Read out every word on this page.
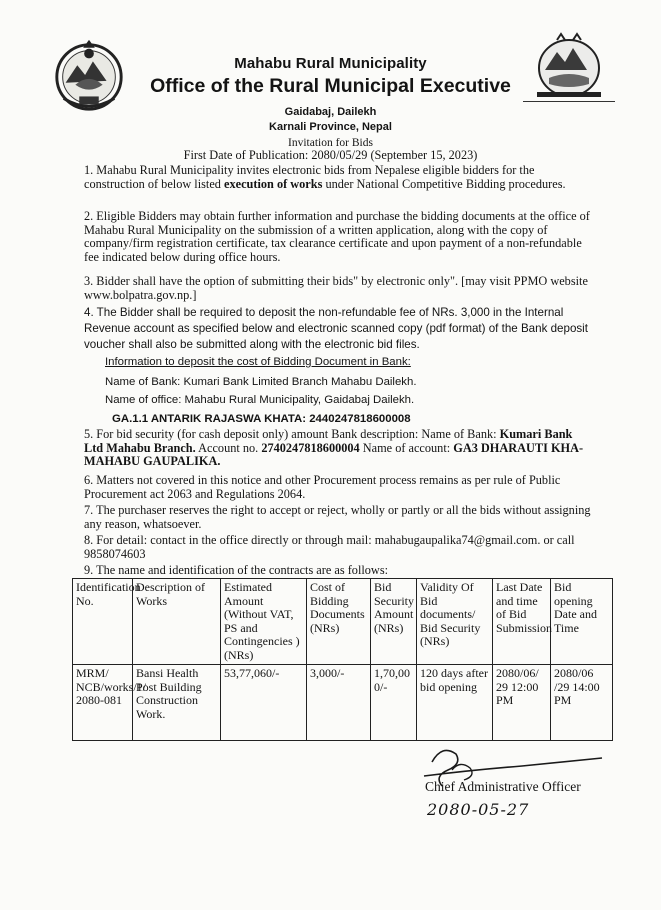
Mahabu Rural Municipality
Office of the Rural Municipal Executive
Gaidabaj, Dailekh
Karnali Province, Nepal
Invitation for Bids
First Date of Publication: 2080/05/29 (September 15, 2023)
1. Mahabu Rural Municipality invites electronic bids from Nepalese eligible bidders for the construction of below listed execution of works under National Competitive Bidding procedures.
2. Eligible Bidders may obtain further information and purchase the bidding documents at the office of Mahabu Rural Municipality on the submission of a written application, along with the copy of company/firm registration certificate, tax clearance certificate and upon payment of a non-refundable fee indicated below during office hours.
3. Bidder shall have the option of submitting their bids" by electronic only". [may visit PPMO website www.bolpatra.gov.np.]
4. The Bidder shall be required to deposit the non-refundable fee of NRs. 3,000 in the Internal Revenue account as specified below and electronic scanned copy (pdf format) of the Bank deposit voucher shall also be submitted along with the electronic bid files.
Information to deposit the cost of Bidding Document in Bank:
Name of Bank: Kumari Bank Limited Branch Mahabu Dailekh.
Name of office: Mahabu Rural Municipality, Gaidabaj Dailekh.
GA.1.1 ANTARIK RAJASWA KHATA: 2440247818600008
5. For bid security (for cash deposit only) amount Bank description: Name of Bank: Kumari Bank Ltd Mahabu Branch. Account no. 2740247818600004 Name of account: GA3 DHARAUTI KHA-MAHABU GAUPALIKA.
6. Matters not covered in this notice and other Procurement process remains as per rule of Public Procurement act 2063 and Regulations 2064.
7. The purchaser reserves the right to accept or reject, wholly or partly or all the bids without assigning any reason, whatsoever.
8. For detail: contact in the office directly or through mail: mahabugaupalika74@gmail.com. or call 9858074603
9. The name and identification of the contracts are as follows:
Identification No.	Description of Works	Estimated Amount (Without VAT, PS and Contingencies )(NRs)	Cost of Bidding Documents (NRs)	Bid Security Amount (NRs)	Validity Of Bid documents/ Bid Security (NRs)	Last Date and time of Bid Submission	Bid opening Date and Time
MRM/ NCB/works/1/ 2080-081	Bansi Health Post Building Construction Work.	53,77,060/-	3,000/-	1,70,000/-	120 days after bid opening	2080/06/ 29 12:00 PM	2080/06 /29 14:00 PM
Chief Administrative Officer
2080-05-27
